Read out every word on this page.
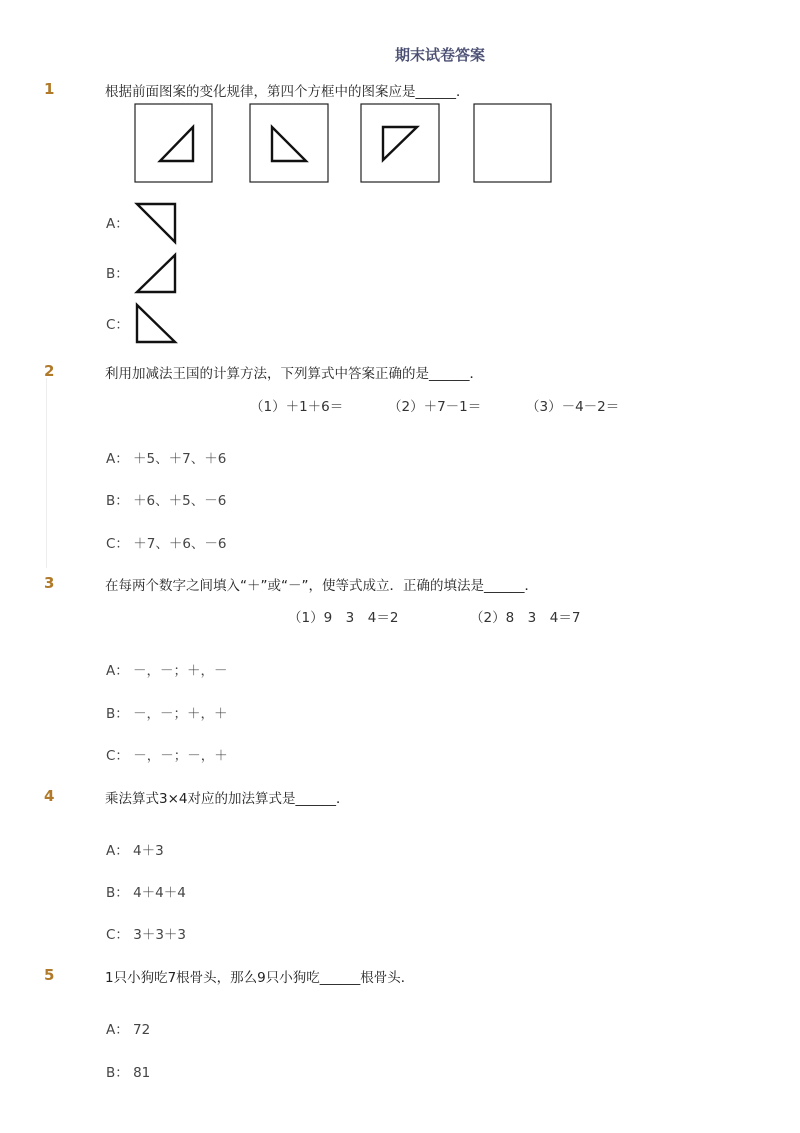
期末试卷答案
1	根据前面图案的变化规律，第四个方框中的图案应是______．
A：
B：
C：
2	利用加减法王国的计算方法，下列算式中答案正确的是______．
（1）＋1＋6＝	（2）＋7－1＝	（3）－4－2＝
A： ＋5、＋7、＋6
B： ＋6、＋5、－6
C： ＋7、＋6、－6
3	在每两个数字之间填入“＋”或“－”，使等式成立．正确的填法是______．
（1）9　3　4＝2	（2）8　3　4＝7
A： －，－；＋，－
B： －，－；＋，＋
C： －，－；－，＋
4	乘法算式3×4对应的加法算式是______．
A： 4＋3
B： 4＋4＋4
C： 3＋3＋3
5	1只小狗吃7根骨头，那么9只小狗吃______根骨头．
A： 72
B： 81
